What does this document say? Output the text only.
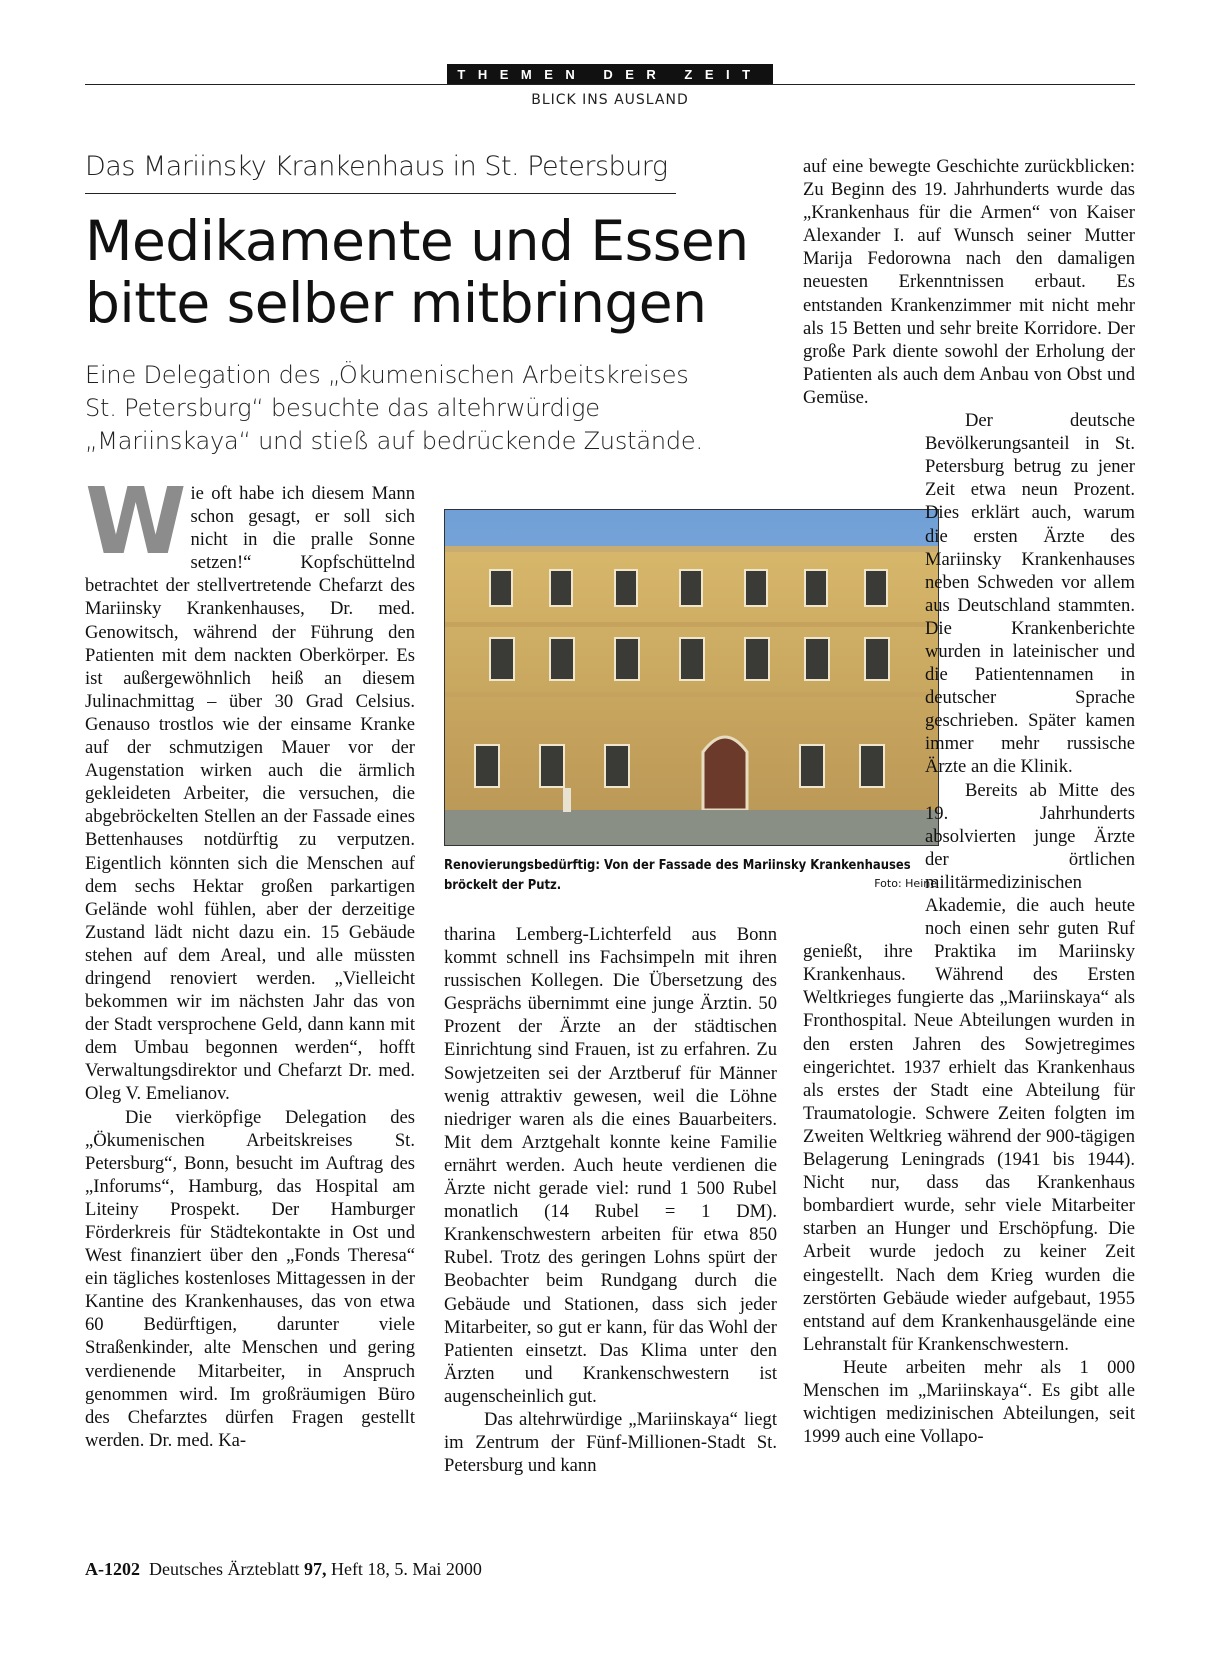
THEMEN DER ZEIT
BLICK INS AUSLAND
Das Mariinsky Krankenhaus in St. Petersburg
Medikamente und Essen
bitte selber mitbringen
Eine Delegation des „Ökumenischen Arbeitskreises
St. Petersburg“ besuchte das altehrwürdige
„Mariinskaya“ und stieß auf bedrückende Zustände.

W ie oft habe ich diesem Mann schon gesagt, er soll sich nicht in die pralle Sonne setzen!“ Kopfschüttelnd betrachtet der stellvertretende Chefarzt des Mariinsky Krankenhauses, Dr. med. Genowitsch, während der Führung den Patienten mit dem nackten Oberkörper. Es ist außergewöhnlich heiß an diesem Julinachmittag – über 30 Grad Celsius. Genauso trostlos wie der einsame Kranke auf der schmutzigen Mauer vor der Augenstation wirken auch die ärmlich gekleideten Arbeiter, die versuchen, die abgebröckelten Stellen an der Fassade eines Bettenhauses notdürftig zu verputzen. Eigentlich könnten sich die Menschen auf dem sechs Hektar großen parkartigen Gelände wohl fühlen, aber der derzeitige Zustand lädt nicht dazu ein. 15 Gebäude stehen auf dem Areal, und alle müssten dringend renoviert werden. „Vielleicht bekommen wir im nächsten Jahr das von der Stadt versprochene Geld, dann kann mit dem Umbau begonnen werden“, hofft Verwaltungsdirektor und Chefarzt Dr. med. Oleg V. Emelianov.

Die vierköpfige Delegation des „Ökumenischen Arbeitskreises St. Petersburg“, Bonn, besucht im Auftrag des „Inforums“, Hamburg, das Hospital am Liteiny Prospekt. Der Hamburger Förderkreis für Städtekontakte in Ost und West finanziert über den „Fonds Theresa“ ein tägliches kostenloses Mittagessen in der Kantine des Krankenhauses, das von etwa 60 Bedürftigen, darunter viele Straßenkinder, alte Menschen und gering verdienende Mitarbeiter, in Anspruch genommen wird. Im großräumigen Büro des Chefarztes dürfen Fragen gestellt werden. Dr. med. Ka-

Renovierungsbedürftig: Von der Fassade des Mariinsky Krankenhauses bröckelt der Putz.	Foto: Heine

tharina Lemberg-Lichterfeld aus Bonn kommt schnell ins Fachsimpeln mit ihren russischen Kollegen. Die Übersetzung des Gesprächs übernimmt eine junge Ärztin. 50 Prozent der Ärzte an der städtischen Einrichtung sind Frauen, ist zu erfahren. Zu Sowjetzeiten sei der Arztberuf für Männer wenig attraktiv gewesen, weil die Löhne niedriger waren als die eines Bauarbeiters. Mit dem Arztgehalt konnte keine Familie ernährt werden. Auch heute verdienen die Ärzte nicht gerade viel: rund 1 500 Rubel monatlich (14 Rubel = 1 DM). Krankenschwestern arbeiten für etwa 850 Rubel. Trotz des geringen Lohns spürt der Beobachter beim Rundgang durch die Gebäude und Stationen, dass sich jeder Mitarbeiter, so gut er kann, für das Wohl der Patienten einsetzt. Das Klima unter den Ärzten und Krankenschwestern ist augenscheinlich gut.

Das altehrwürdige „Mariinskaya“ liegt im Zentrum der Fünf-Millionen-Stadt St. Petersburg und kann

auf eine bewegte Geschichte zurückblicken: Zu Beginn des 19. Jahrhunderts wurde das „Krankenhaus für die Armen“ von Kaiser Alexander I. auf Wunsch seiner Mutter Marija Fedorowna nach den damaligen neuesten Erkenntnissen erbaut. Es entstanden Krankenzimmer mit nicht mehr als 15 Betten und sehr breite Korridore. Der große Park diente sowohl der Erholung der Patienten als auch dem Anbau von Obst und Gemüse.

Der deutsche Bevölkerungsanteil in St. Petersburg betrug zu jener Zeit etwa neun Prozent. Dies erklärt auch, warum die ersten Ärzte des Mariinsky Krankenhauses neben Schweden vor allem aus Deutschland stammten. Die Krankenberichte wurden in lateinischer und die Patientennamen in deutscher Sprache geschrieben. Später kamen immer mehr russische Ärzte an die Klinik.

Bereits ab Mitte des 19. Jahrhunderts absolvierten junge Ärzte der örtlichen militärmedizinischen Akademie, die auch heute noch einen sehr guten Ruf genießt, ihre Praktika im Mariinsky Krankenhaus. Während des Ersten Weltkrieges fungierte das „Mariinskaya“ als Fronthospital. Neue Abteilungen wurden in den ersten Jahren des Sowjetregimes eingerichtet. 1937 erhielt das Krankenhaus als erstes der Stadt eine Abteilung für Traumatologie. Schwere Zeiten folgten im Zweiten Weltkrieg während der 900-tägigen Belagerung Leningrads (1941 bis 1944). Nicht nur, dass das Krankenhaus bombardiert wurde, sehr viele Mitarbeiter starben an Hunger und Erschöpfung. Die Arbeit wurde jedoch zu keiner Zeit eingestellt. Nach dem Krieg wurden die zerstörten Gebäude wieder aufgebaut, 1955 entstand auf dem Krankenhausgelände eine Lehranstalt für Krankenschwestern.

Heute arbeiten mehr als 1 000 Menschen im „Mariinskaya“. Es gibt alle wichtigen medizinischen Abteilungen, seit 1999 auch eine Vollapo-

A-1202 Deutsches Ärzteblatt 97, Heft 18, 5. Mai 2000
